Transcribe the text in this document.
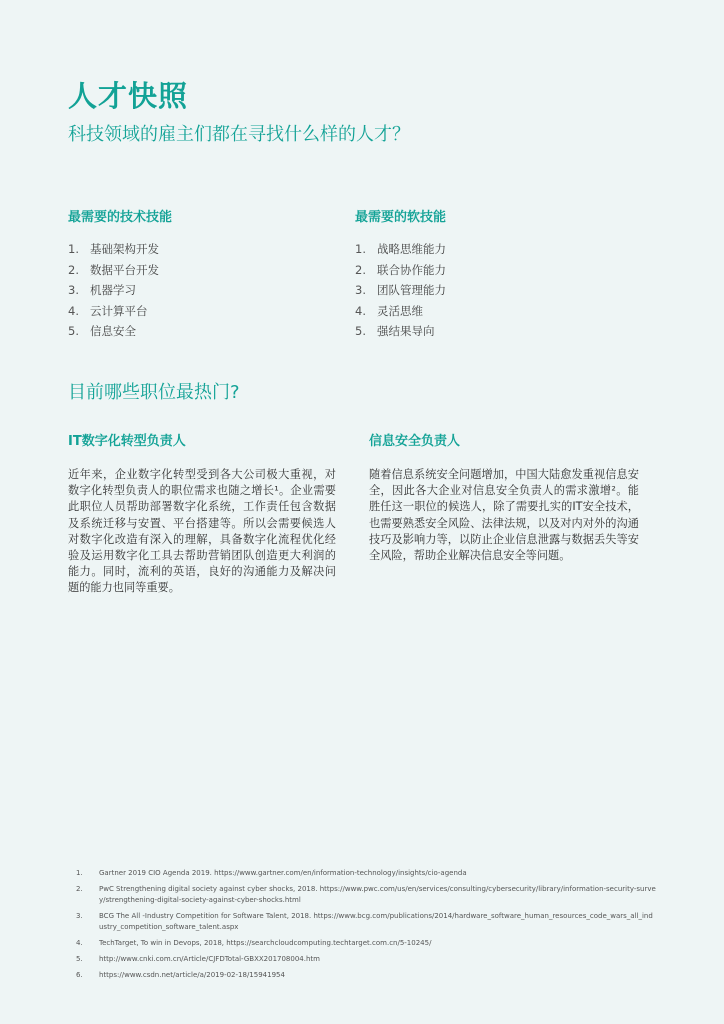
人才快照
科技领域的雇主们都在寻找什么样的人才？
最需要的技术技能
1. 基础架构开发
2. 数据平台开发
3. 机器学习
4. 云计算平台
5. 信息安全
最需要的软技能
1. 战略思维能力
2. 联合协作能力
3. 团队管理能力
4. 灵活思维
5. 强结果导向
目前哪些职位最热门?
IT数字化转型负责人

近年来，企业数字化转型受到各大公司极大重视，对数字化转型负责人的职位需求也随之增长¹。企业需要此职位人员帮助部署数字化系统，工作责任包含数据及系统迁移与安置、平台搭建等。所以会需要候选人对数字化改造有深入的理解，具备数字化流程优化经验及运用数字化工具去帮助营销团队创造更大利润的能力。同时，流利的英语，良好的沟通能力及解决问题的能力也同等重要。

信息安全负责人

随着信息系统安全问题增加，中国大陆愈发重视信息安全，因此各大企业对信息安全负责人的需求激增²。能胜任这一职位的候选人，除了需要扎实的IT安全技术，也需要熟悉安全风险、法律法规，以及对内对外的沟通技巧及影响力等，以防止企业信息泄露与数据丢失等安全风险，帮助企业解决信息安全等问题。

1.	Gartner 2019 CIO Agenda 2019. https://www.gartner.com/en/information-technology/insights/cio-agenda
2.	PwC Strengthening digital society against cyber shocks, 2018. https://www.pwc.com/us/en/services/consulting/cybersecurity/library/information-security-survey/strengthening-digital-society-against-cyber-shocks.html
3.	BCG The All -Industry Competition for Software Talent, 2018. https://www.bcg.com/publications/2014/hardware_software_human_resources_code_wars_all_industry_competition_software_talent.aspx
4.	TechTarget, To win in Devops, 2018, https://searchcloudcomputing.techtarget.com.cn/5-10245/
5.	http://www.cnki.com.cn/Article/CJFDTotal-GBXX201708004.htm
6.	https://www.csdn.net/article/a/2019-02-18/15941954
